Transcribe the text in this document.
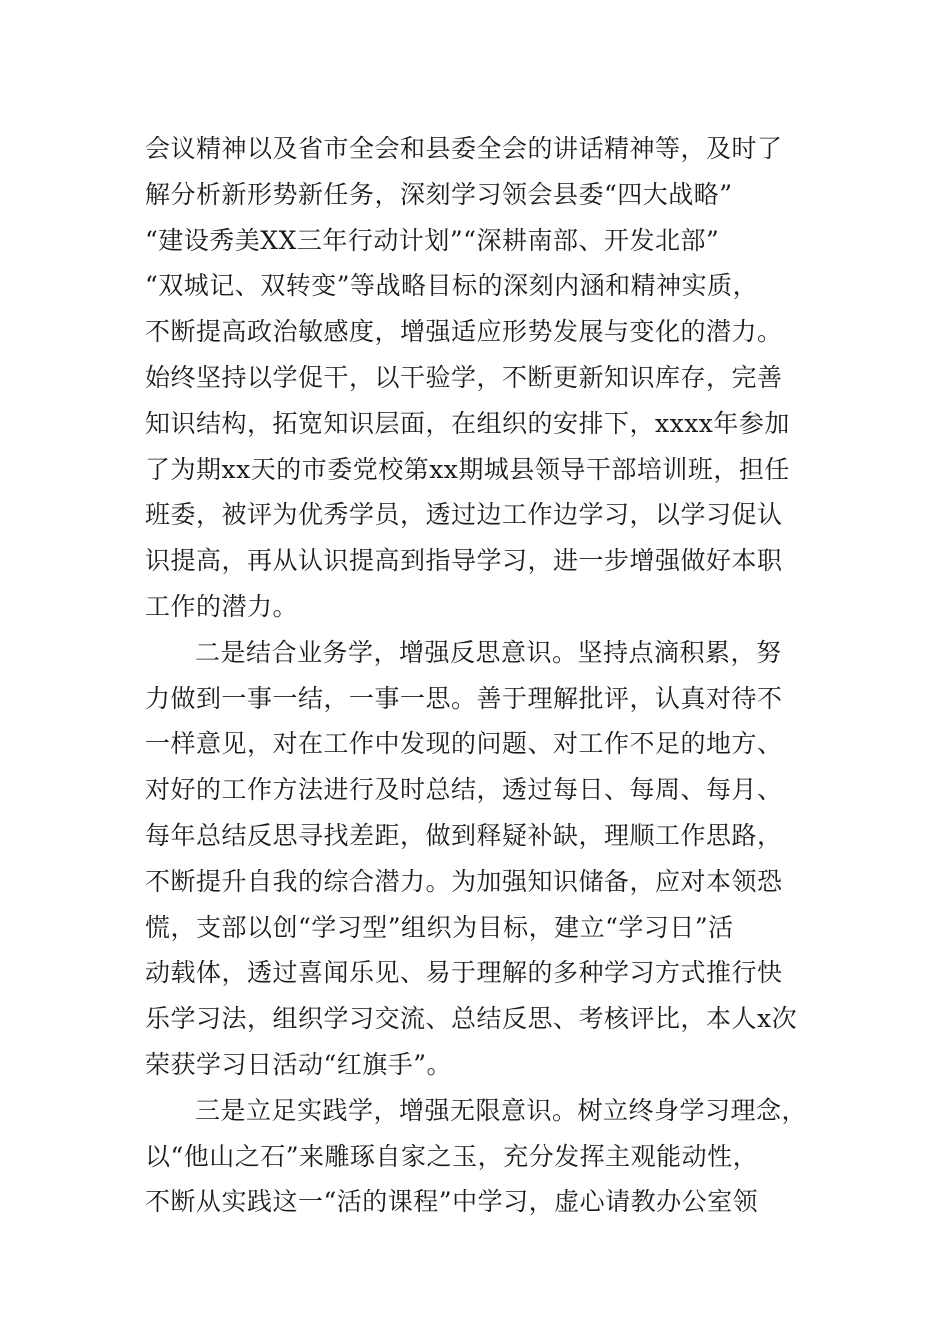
会议精神以及省市全会和县委全会的讲话精神等，及时了
解分析新形势新任务，深刻学习领会县委“四大战略”
“建设秀美XX三年行动计划”“深耕南部、开发北部”
“双城记、双转变”等战略目标的深刻内涵和精神实质，
不断提高政治敏感度，增强适应形势发展与变化的潜力。
始终坚持以学促干，以干验学，不断更新知识库存，完善
知识结构，拓宽知识层面，在组织的安排下，xxxx年参加
了为期xx天的市委党校第xx期城县领导干部培训班，担任
班委，被评为优秀学员，透过边工作边学习，以学习促认
识提高，再从认识提高到指导学习，进一步增强做好本职
工作的潜力。
二是结合业务学，增强反思意识。坚持点滴积累，努
力做到一事一结，一事一思。善于理解批评，认真对待不
一样意见，对在工作中发现的问题、对工作不足的地方、
对好的工作方法进行及时总结，透过每日、每周、每月、
每年总结反思寻找差距，做到释疑补缺，理顺工作思路，
不断提升自我的综合潜力。为加强知识储备，应对本领恐
慌，支部以创“学习型”组织为目标，建立“学习日”活
动载体，透过喜闻乐见、易于理解的多种学习方式推行快
乐学习法，组织学习交流、总结反思、考核评比，本人x次
荣获学习日活动“红旗手”。
三是立足实践学，增强无限意识。树立终身学习理念，
以“他山之石”来雕琢自家之玉，充分发挥主观能动性，
不断从实践这一“活的课程”中学习，虚心请教办公室领
